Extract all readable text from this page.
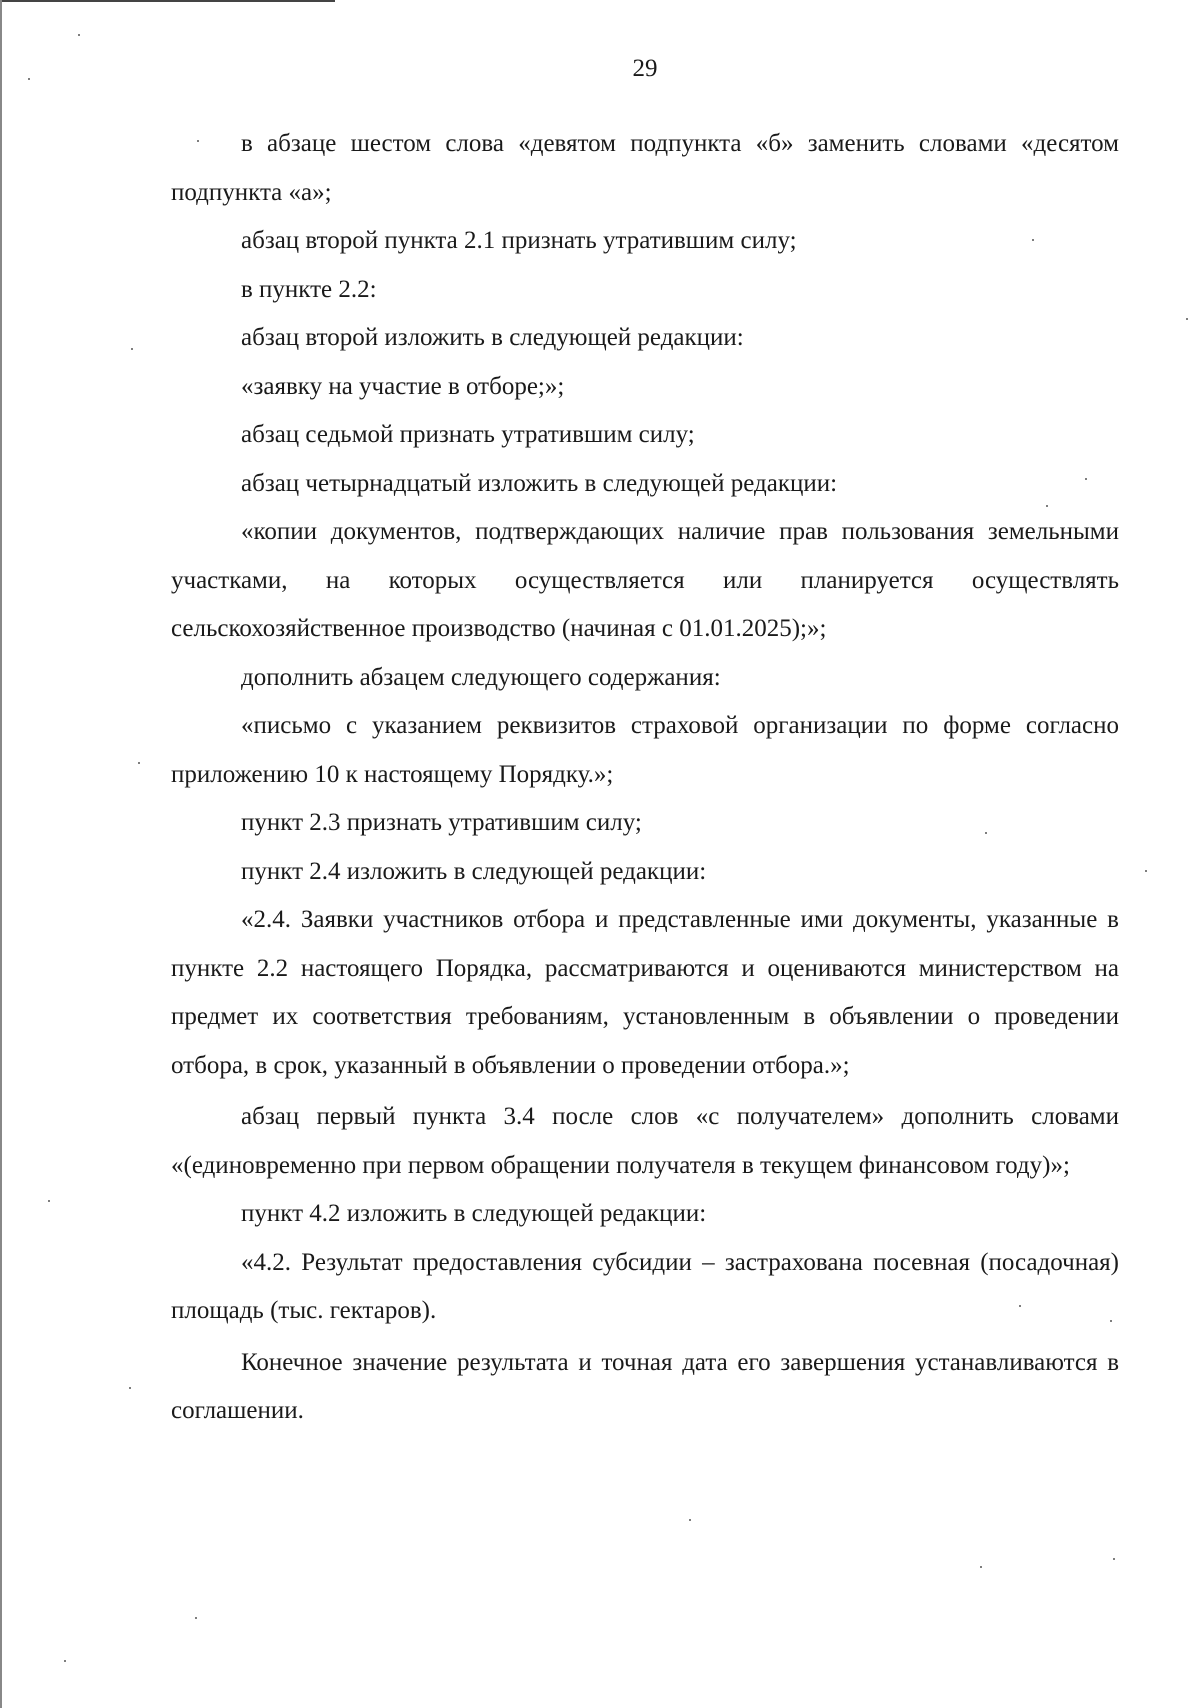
29

в абзаце шестом слова «девятом подпункта «б» заменить словами «десятом подпункта «а»;

абзац второй пункта 2.1 признать утратившим силу;

в пункте 2.2:

абзац второй изложить в следующей редакции:

«заявку на участие в отборе;»;

абзац седьмой признать утратившим силу;

абзац четырнадцатый изложить в следующей редакции:

«копии документов, подтверждающих наличие прав пользования земельными участками, на которых осуществляется или планируется осуществлять сельскохозяйственное производство (начиная с 01.01.2025);»;

дополнить абзацем следующего содержания:

«письмо с указанием реквизитов страховой организации по форме согласно приложению 10 к настоящему Порядку.»;

пункт 2.3 признать утратившим силу;

пункт 2.4 изложить в следующей редакции:

«2.4. Заявки участников отбора и представленные ими документы, указанные в пункте 2.2 настоящего Порядка, рассматриваются и оцениваются министерством на предмет их соответствия требованиям, установленным в объявлении о проведении отбора, в срок, указанный в объявлении о проведении отбора.»;

абзац первый пункта 3.4 после слов «с получателем» дополнить словами «(единовременно при первом обращении получателя в текущем финансовом году)»;

пункт 4.2 изложить в следующей редакции:

«4.2. Результат предоставления субсидии – застрахована посевная (посадочная) площадь (тыс. гектаров).

Конечное значение результата и точная дата его завершения устанавливаются в соглашении.
